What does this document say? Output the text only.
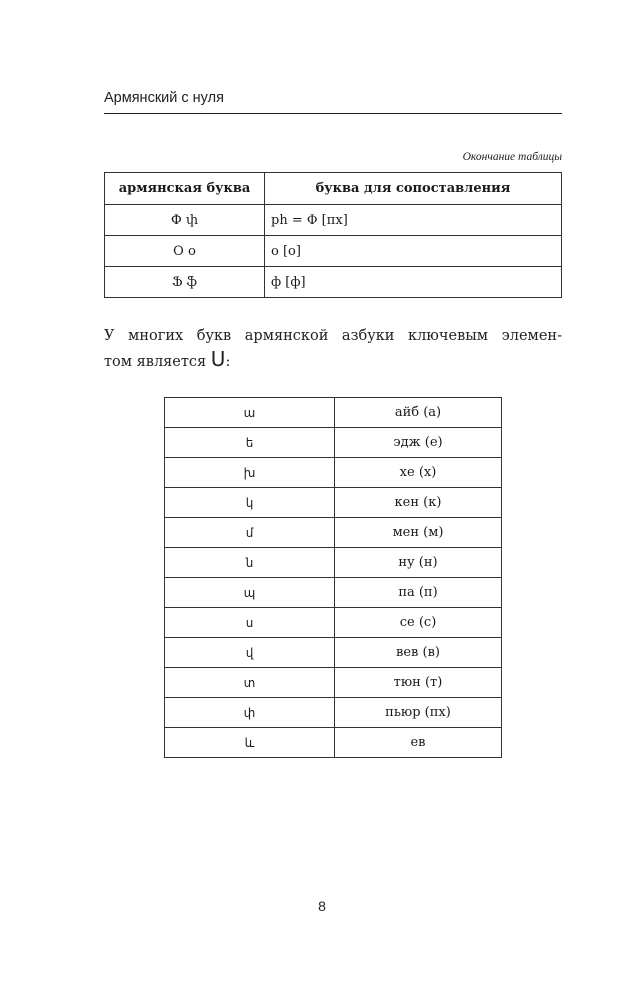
Армянский с нуля
Окончание таблицы
армянская буква	буква для сопоставления
Փ փ	ph = Φ [пх]
Օ օ	o [o]
Ֆ ֆ	ф [ф]
У многих букв армянской азбуки ключевым элемен-
том является Ս:
ա	айб (а)
ե	эдж (е)
խ	хе (х)
կ	кен (к)
մ	мен (м)
ն	ну (н)
պ	па (п)
ս	се (с)
վ	вев (в)
տ	тюн (т)
փ	пьюр (пх)
և	ев
8
